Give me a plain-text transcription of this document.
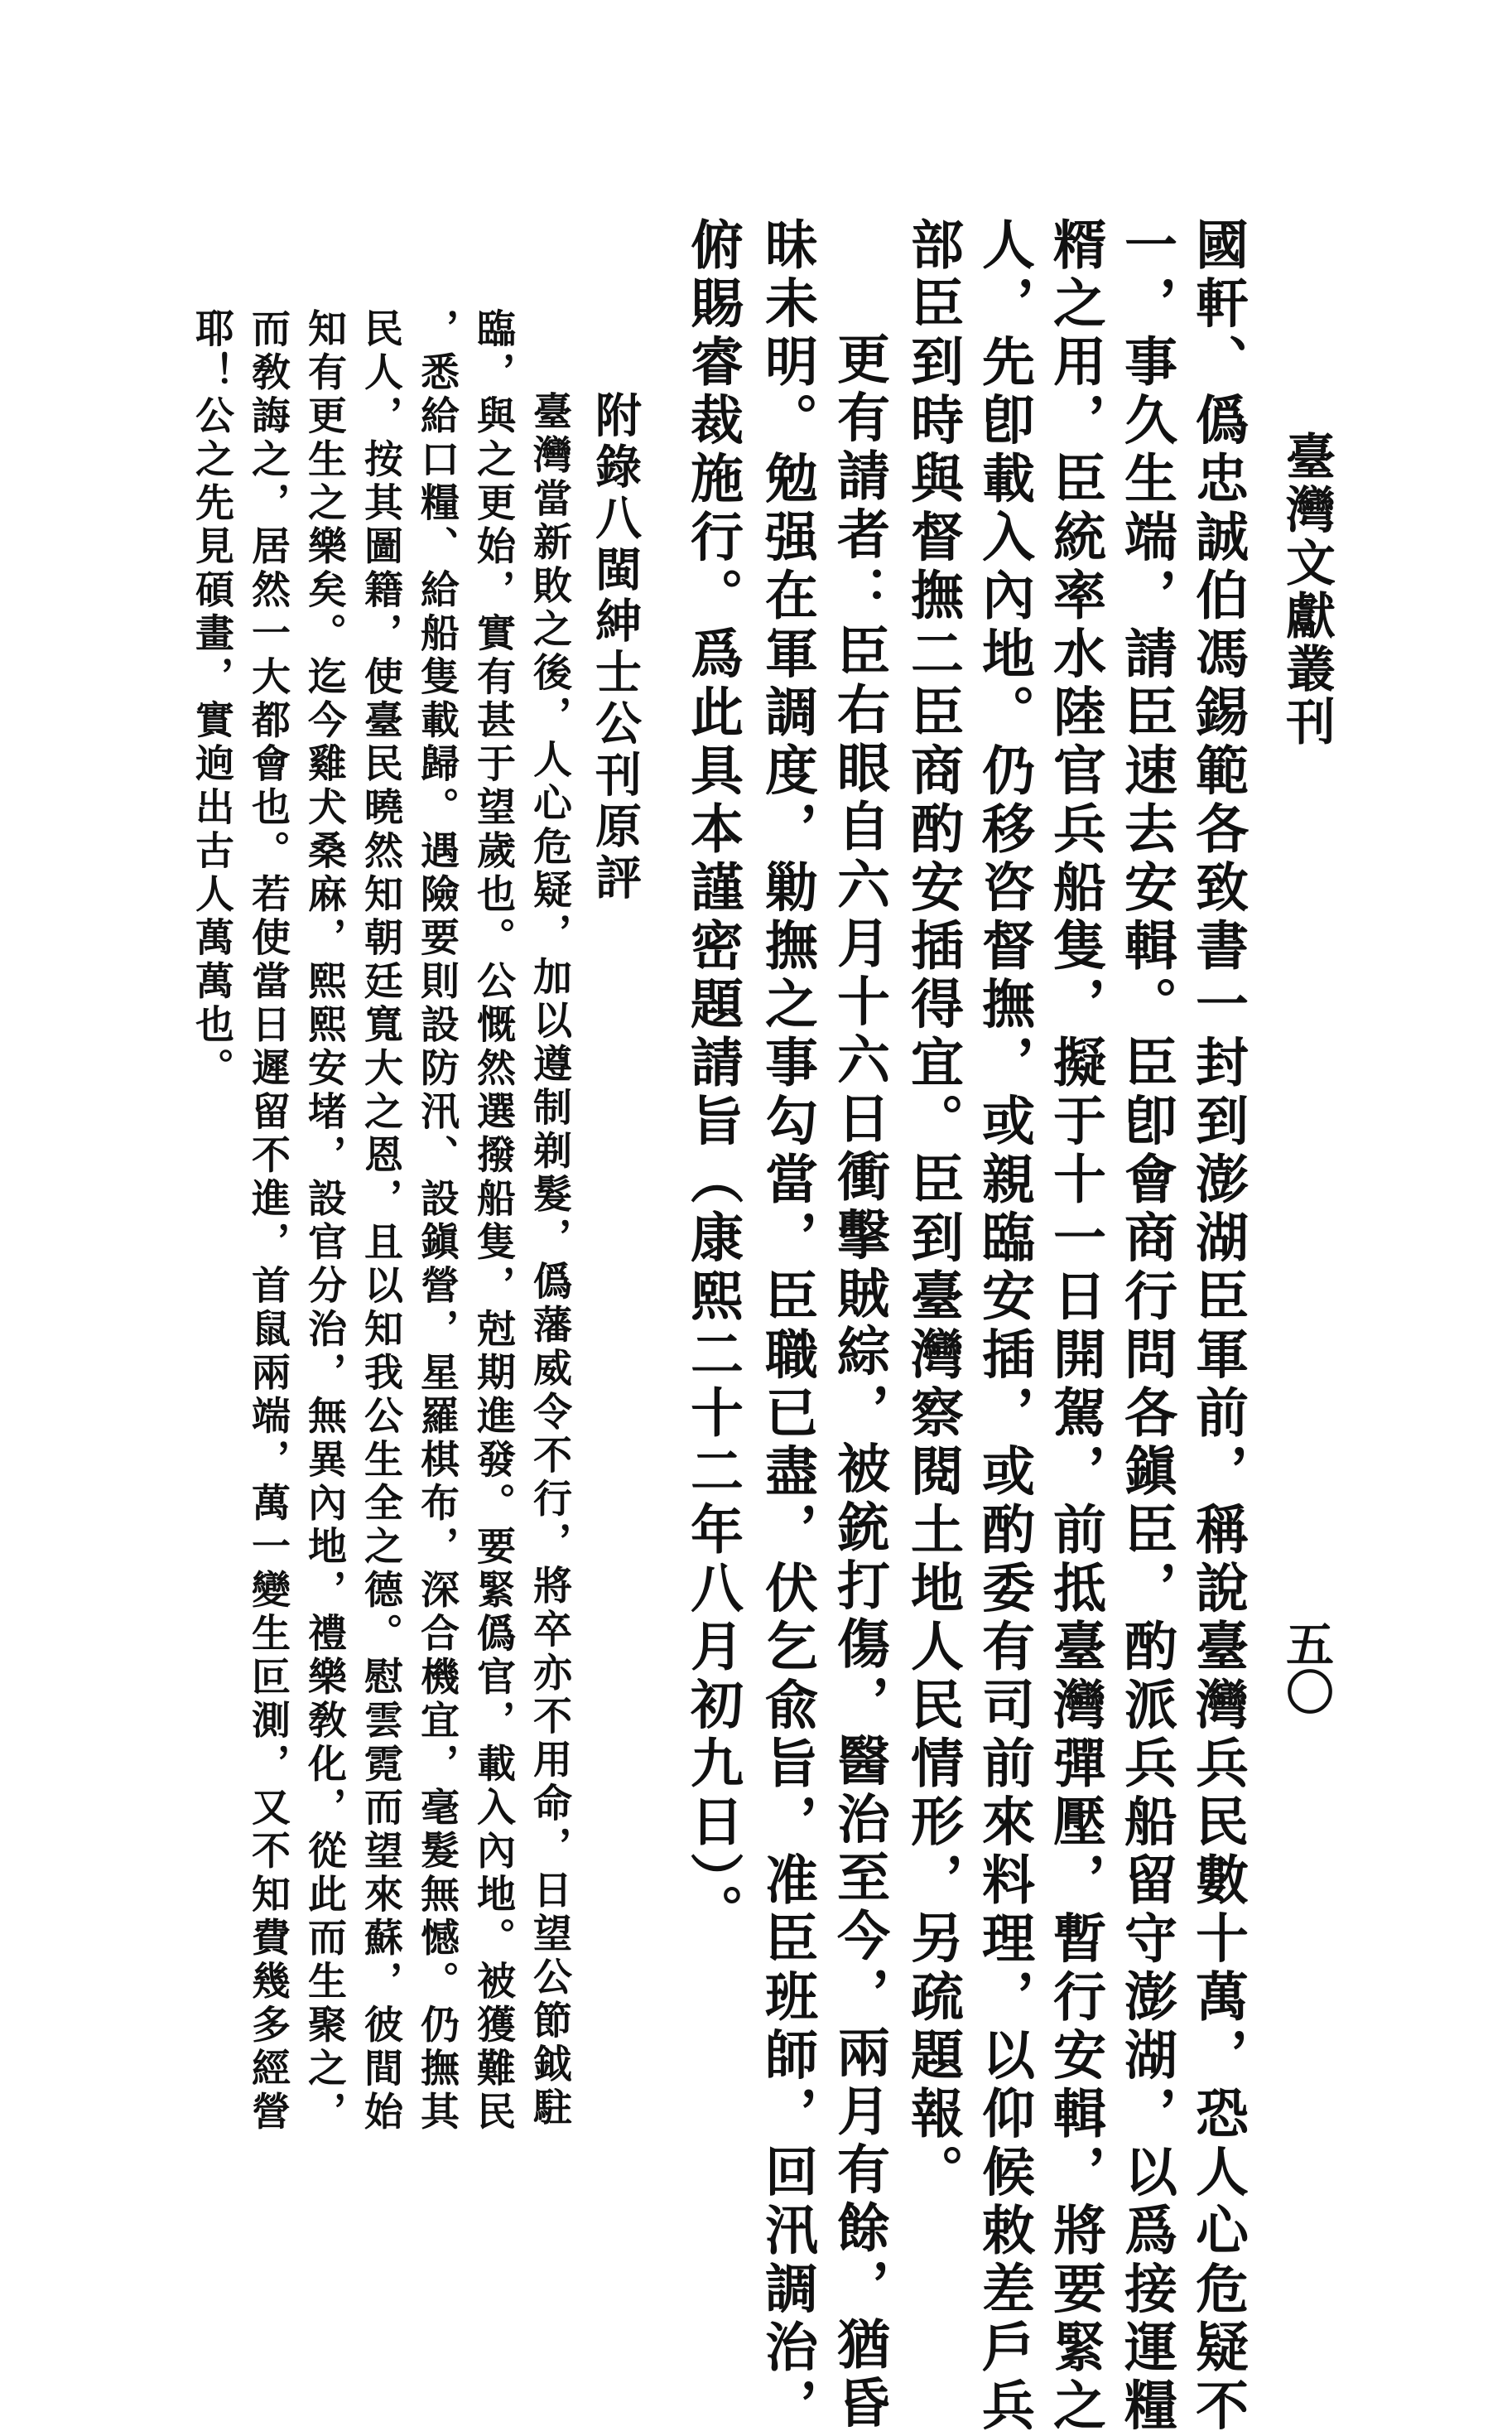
臺灣文獻叢刊
五〇
國軒、僞忠誠伯馮錫範各致書一封到澎湖臣軍前，稱說臺灣兵民數十萬，恐人心危疑不
一，事久生端，請臣速去安輯。臣卽會商行問各鎭臣，酌派兵船留守澎湖，以爲接運糧
糈之用，臣統率水陸官兵船隻，擬于十一日開駕，前抵臺灣彈壓，暫行安輯，將要緊之
人，先卽載入內地。仍移咨督撫，或親臨安插，或酌委有司前來料理，以仰候敕差戶兵
部臣到時與督撫二臣商酌安插得宜。臣到臺灣察閱土地人民情形，另疏題報。
更有請者：臣右眼自六月十六日衝擊賊綜，被銃打傷，醫治至今，兩月有餘，猶昏
昧未明。勉强在軍調度，勦撫之事勾當，臣職已盡，伏乞兪旨，准臣班師，回汛調治，
俯賜睿裁施行。爲此具本謹密題請旨（康熙二十二年八月初九日）。
附錄八閩紳士公刊原評
臺灣當新敗之後，人心危疑，加以遵制剃髮，僞藩威令不行，將卒亦不用命，日望公節鉞駐
臨，與之更始，實有甚于望歲也。公慨然選撥船隻，尅期進發。要緊僞官，載入內地。被獲難民
，悉給口糧、給船隻載歸。遇險要則設防汛、設鎭營，星羅棋布，深合機宜，毫髮無憾。仍撫其
民人，按其圖籍，使臺民曉然知朝廷寬大之恩，且以知我公生全之德。慰雲霓而望來蘇，彼間始
知有更生之樂矣。迄今雞犬桑麻，熙熙安堵，設官分治，無異內地，禮樂敎化，從此而生聚之，
而敎誨之，居然一大都會也。若使當日遲留不進，首鼠兩端，萬一變生叵測，又不知費幾多經營
耶！公之先見碩畫，實逈出古人萬萬也。
